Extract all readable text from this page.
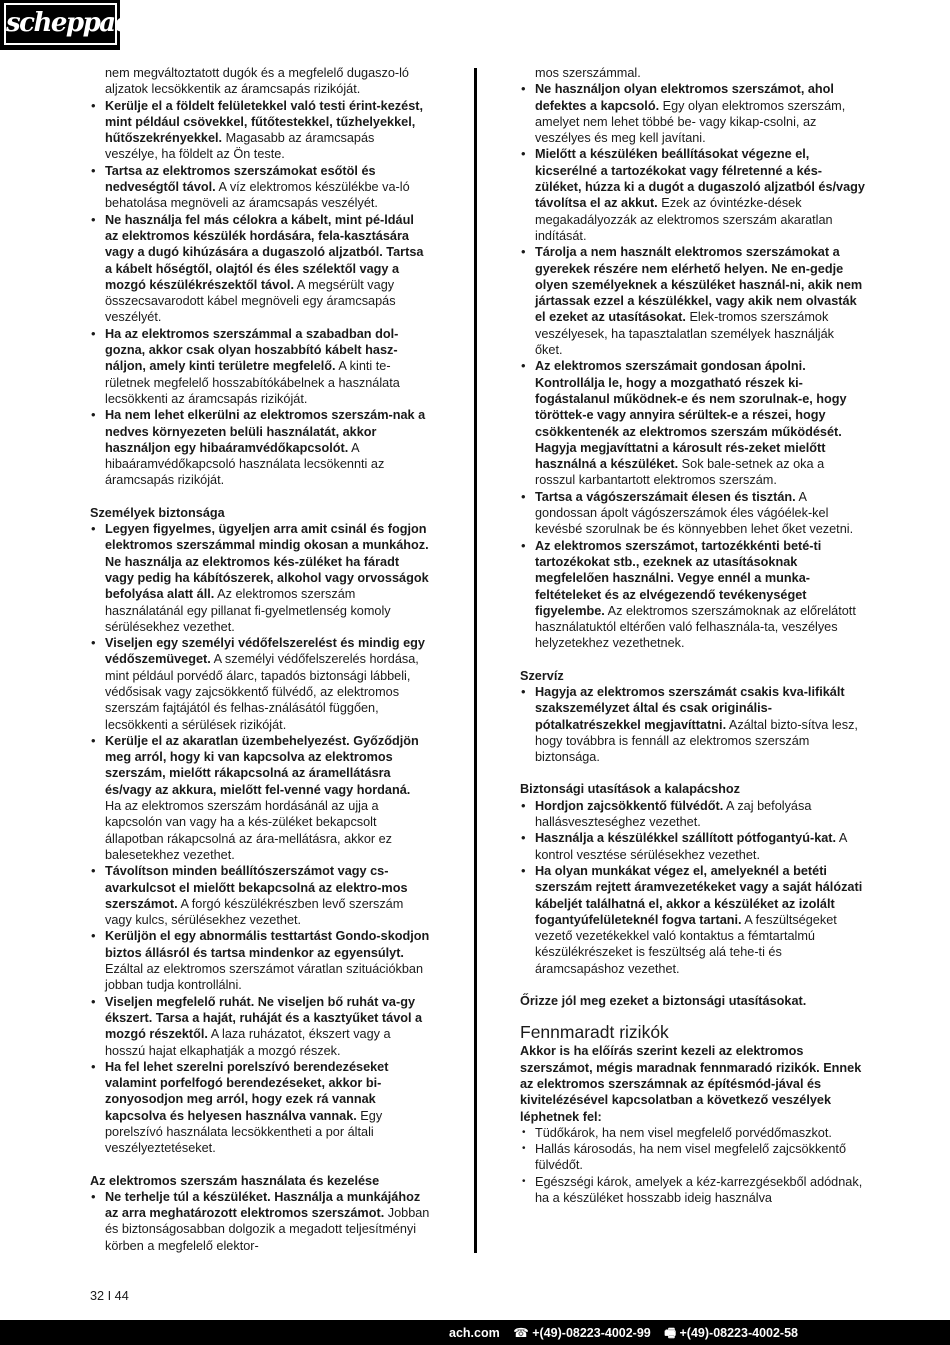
scheppach

nem megváltoztatott dugók és a megfelelő dugaszo-ló aljzatok lecsökkentik az áramcsapás rizikóját.

• Kerülje el a földelt felületekkel való testi érint-kezést, mint például csövekkel, fűtőtestekkel, tűzhelyekkel, hűtőszekrényekkel. Magasabb az áramcsapás veszélye, ha földelt az Ön teste.

• Tartsa az elektromos szerszámokat esőtöl és nedveségtől távol. A víz elektromos készülékbe va-ló behatolása megnöveli az áramcsapás veszélyét.

• Ne használja fel más célokra a kábelt, mint pé-ldául az elektromos készülék hordására, fela-kasztására vagy a dugó kihúzására a dugaszoló aljzatból. Tartsa a kábelt hőségtől, olajtól és éles szélektől vagy a mozgó készülékrészektől távol. A megsérült vagy összecsavarodott kábel megnöveli egy áramcsapás veszélyét.

• Ha az elektromos szerszámmal a szabadban dol-gozna, akkor csak olyan hoszabbító kábelt hasz-náljon, amely kinti területre megfelelő. A kinti te-rületnek megfelelő hosszabítókábelnek a használata lecsökkenti az áramcsapás rizikóját.

• Ha nem lehet elkerülni az elektromos szerszám-nak a nedves környezeten belüli használatát, akkor használjon egy hibaáramvédőkapcsolót. A hibaáramvédőkapcsoló használata lecsökennti az áramcsapás rizikóját.

Személyek biztonsága

• Legyen figyelmes, ügyeljen arra amit csinál és fogjon elektromos szerszámmal mindig okosan a munkához. Ne használja az elektromos kés-züléket ha fáradt vagy pedig ha kábítószerek, alkohol vagy orvosságok befolyása alatt áll. Az elektromos szerszám használatánál egy pillanat fi-gyelmetlenség komoly sérülésekhez vezethet.

• Viseljen egy személyi védőfelszerelést és mindig egy védőszemüveget. A személyi védőfelszerelés hordása, mint például porvédő álarc, tapadós biztonsági lábbeli, védősisak vagy zajcsökkentő fülvédő, az elektromos szerszám fajtájától és felhas-ználásától függően, lecsökkenti a sérülések rizikóját.

• Kerülje el az akaratlan üzembehelyezést. Győződjön meg arról, hogy ki van kapcsolva az elektromos szerszám, mielőtt rákapcsolná az áramellátásra és/vagy az akkura, mielőtt fel-venné vagy hordaná. Ha az elektromos szerszám hordásánál az ujja a kapcsolón van vagy ha a kés-züléket bekapcsolt állapotban rákapcsolná az ára-mellátásra, akkor ez balesetekhez vezethet.

• Távolítson minden beállítószerszámot vagy cs-avarkulcsot el mielőtt bekapcsolná az elektro-mos szerszámot. A forgó készülékrészben levő szerszám vagy kulcs, sérülésekhez vezethet.

• Kerüljön el egy abnormális testtartást Gondo-skodjon biztos állásról és tartsa mindenkor az egyensúlyt. Ezáltal az elektromos szerszámot váratlan szituációkban jobban tudja kontrollálni.

• Viseljen megfelelő ruhát. Ne viseljen bő ruhát va-gy ékszert. Tarsa a haját, ruháját és a kasztyűket távol a mozgó részektől. A laza ruházatot, ékszert vagy a hosszú hajat elkaphatják a mozgó részek.

• Ha fel lehet szerelni porelszívó berendezéseket valamint porfelfogó berendezéseket, akkor bi-zonyosodjon meg arról, hogy ezek rá vannak kapcsolva és helyesen használva vannak. Egy porelszívó használata lecsökkentheti a por általi veszélyeztetéseket.

Az elektromos szerszám használata és kezelése

• Ne terhelje túl a készüléket. Használja a munkájához az arra meghatározott elektromos szerszámot. Jobban és biztonságosabban dolgozik a megadott teljesítményi körben a megfelelő elektor-

mos szerszámmal.

• Ne használjon olyan elektromos szerszámot, ahol defektes a kapcsoló. Egy olyan elektromos szerszám, amelyet nem lehet többé be- vagy kikap-csolni, az veszélyes és meg kell javítani.

• Mielőtt a készüléken beállításokat végezne el, kicserélné a tartozékokat vagy félretenné a kés-züléket, húzza ki a dugót a dugaszoló aljzatból és/vagy távolítsa el az akkut. Ezek az óvintézke-dések megakadályozzák az elektromos szerszám akaratlan indítását.

• Tárolja a nem használt elektromos szerszámokat a gyerekek részére nem elérhető helyen. Ne en-gedje olyen személyeknek a készüléket használ-ni, akik nem jártassak ezzel a készülékkel, vagy akik nem olvasták el ezeket az utasításokat. Elek-tromos szerszámok veszélyesek, ha tapasztalatlan személyek használják őket.

• Az elektromos szerszámait gondosan ápolni. Kontrollálja le, hogy a mozgatható részek ki-fogástalanul működnek-e és nem szorulnak-e, hogy töröttek-e vagy annyira sérültek-e a részei, hogy csökkentenék az elektromos szerszám működését. Hagyja megjavíttatni a károsult rés-zeket mielőtt használná a készüléket. Sok bale-setnek az oka a rosszul karbantartott elektromos szerszám.

• Tartsa a vágószerszámait élesen és tisztán. A gondossan ápolt vágószerszámok éles vágóélek-kel kevésbé szorulnak be és könnyebben lehet őket vezetni.

• Az elektromos szerszámot, tartozékkénti beté-ti tartozékokat stb., ezeknek az utasításoknak megfelelően használni. Vegye ennél a munka-feltételeket és az elvégezendő tevékenységet figyelembe. Az elektromos szerszámoknak az előrelátott használatuktól eltérően való felhasznála-ta, veszélyes helyzetekhez vezethetnek.

Szervíz

• Hagyja az elektromos szerszámát csakis kva-lifikált szakszemélyzet által és csak originális-pótalkatrészekkel megjavíttatni. Azáltal bizto-sítva lesz, hogy továbbra is fennáll az elektromos szerszám biztonsága.

Biztonsági utasítások a kalapácshoz

• Hordjon zajcsökkentő fülvédőt. A zaj befolyása hallásveszteséghez vezethet.

• Használja a készülékkel szállított pótfogantyú-kat. A kontrol vesztése sérülésekhez vezethet.

• Ha olyan munkákat végez el, amelyeknél a betéti szerszám rejtett áramvezetékeket vagy a saját hálózati kábeljét találhatná el, akkor a készüléket az izolált fogantyúfelületeknél fogva tartani. A feszültségeket vezető vezetékekkel való kontaktus a fémtartalmú készülékrészeket is feszültség alá tehe-ti és áramcsapáshoz vezethet.

Őrizze jól meg ezeket a biztonsági utasításokat.

Fennmaradt rizikók

Akkor is ha előírás szerint kezeli az elektromos szerszámot, mégis maradnak fennmaradó rizikók. Ennek az elektromos szerszámnak az építésmód-jával és kivitelézésével kapcsolatban a következő veszélyek léphetnek fel:

• Tüdőkárok, ha nem visel megfelelő porvédőmaszkot.

• Hallás károsodás, ha nem visel megfelelő zajcsökkentő fülvédőt.

• Egészségi károk, amelyek a kéz-karrezgésekből adódnak, ha a készüléket hosszabb ideig használva

32 I 44
ach.com ☎ +(49)-08223-4002-99 🖷 +(49)-08223-4002-58
